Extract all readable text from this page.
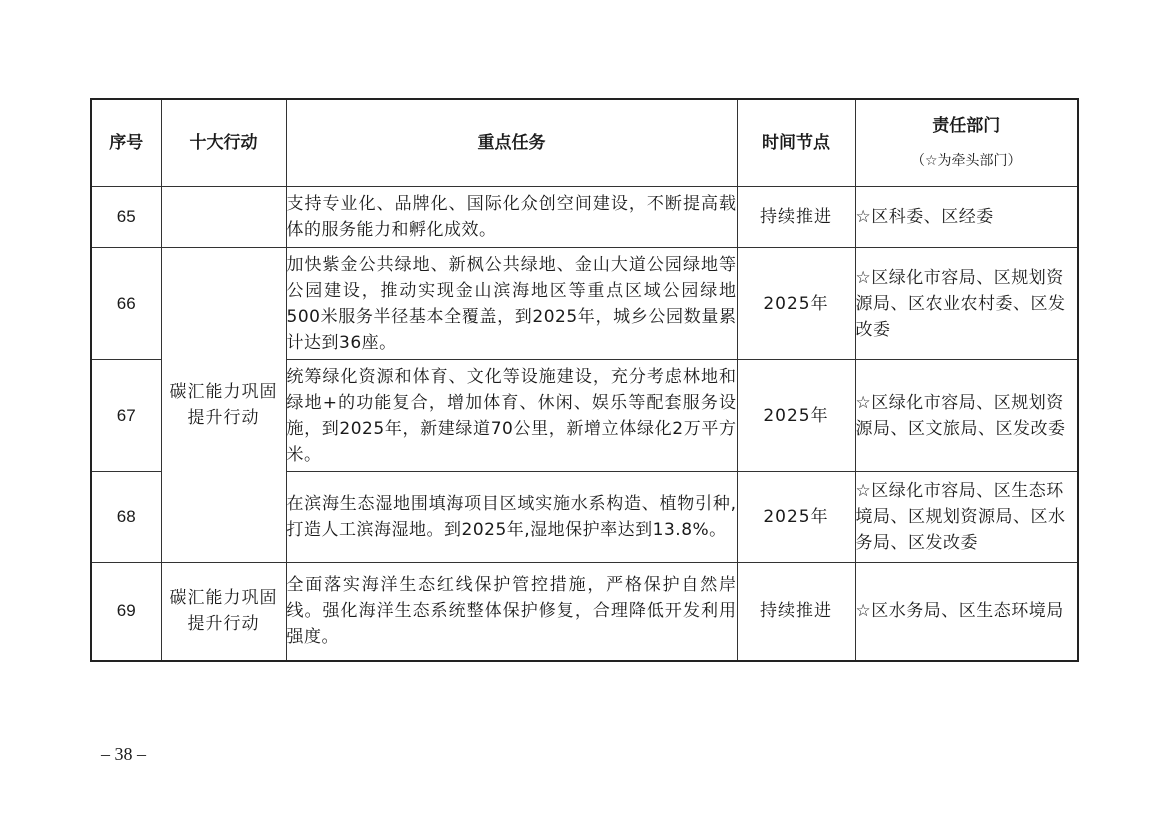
序号	十大行动	重点任务	时间节点	责任部门
（☆为牵头部门）

65		支持专业化、品牌化、国际化众创空间建设，不断提高载体的服务能力和孵化成效。	持续推进	☆区科委、区经委
66	碳汇能力巩固提升行动	加快紫金公共绿地、新枫公共绿地、金山大道公园绿地等公园建设，推动实现金山滨海地区等重点区域公园绿地500米服务半径基本全覆盖，到2025年，城乡公园数量累计达到36座。	2025年	☆区绿化市容局、区规划资源局、区农业农村委、区发改委
67		统筹绿化资源和体育、文化等设施建设，充分考虑林地和绿地+的功能复合，增加体育、休闲、娱乐等配套服务设施，到2025年，新建绿道70公里，新增立体绿化2万平方米。	2025年	☆区绿化市容局、区规划资源局、区文旅局、区发改委
68		在滨海生态湿地围填海项目区域实施水系构造、植物引种,打造人工滨海湿地。到2025年,湿地保护率达到13.8%。	2025年	☆区绿化市容局、区生态环境局、区规划资源局、区水务局、区发改委
69	碳汇能力巩固提升行动	全面落实海洋生态红线保护管控措施，严格保护自然岸线。强化海洋生态系统整体保护修复，合理降低开发利用强度。	持续推进	☆区水务局、区生态环境局
– 38 –
